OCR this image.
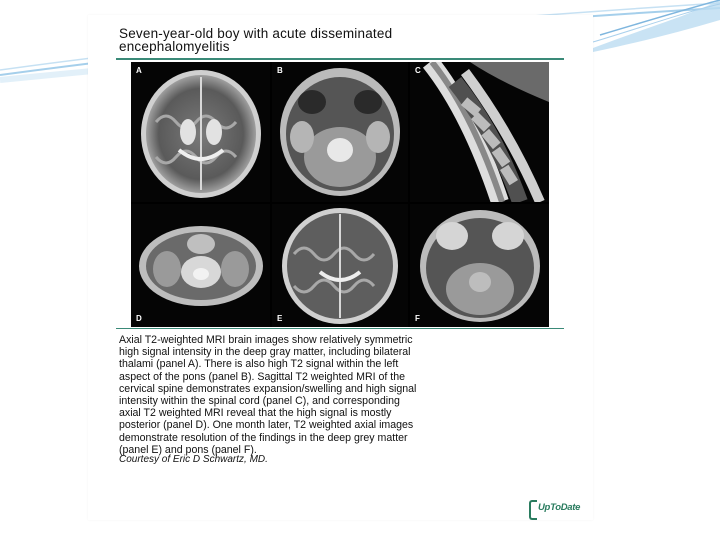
Seven-year-old boy with acute disseminated
encephalomyelitis
A	B	C
D	E	F
Axial T2-weighted MRI brain images show relatively symmetric
high signal intensity in the deep gray matter, including bilateral
thalami (panel A). There is also high T2 signal within the left
aspect of the pons (panel B). Sagittal T2 weighted MRI of the
cervical spine demonstrates expansion/swelling and high signal
intensity within the spinal cord (panel C), and corresponding
axial T2 weighted MRI reveal that the high signal is mostly
posterior (panel D). One month later, T2 weighted axial images
demonstrate resolution of the findings in the deep grey matter
(panel E) and pons (panel F).
Courtesy of Eric D Schwartz, MD.
UpToDate
